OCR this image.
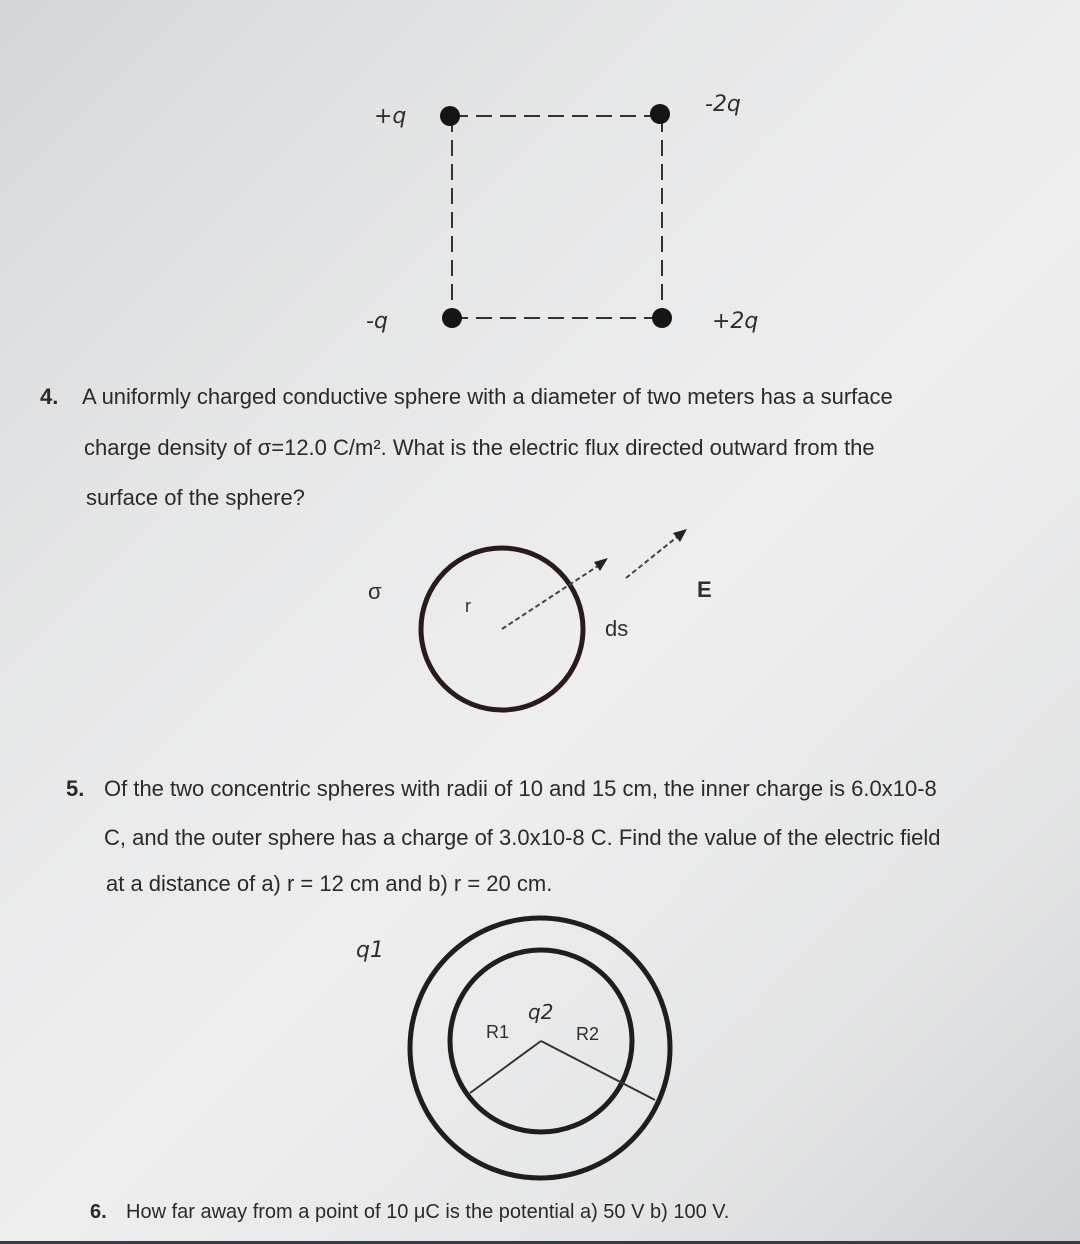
+q	-2q
-q	+2q
4. A uniformly charged conductive sphere with a diameter of two meters has a surface
charge density of σ=12.0 C/m². What is the electric flux directed outward from the
surface of the sphere?
σ
r
ds
E
5. Of the two concentric spheres with radii of 10 and 15 cm, the inner charge is 6.0x10-8
C, and the outer sphere has a charge of 3.0x10-8 C. Find the value of the electric field
at a distance of a) r = 12 cm and b) r = 20 cm.
q1
q2
R1	R2
6. How far away from a point of 10 μC is the potential a) 50 V b) 100 V.
